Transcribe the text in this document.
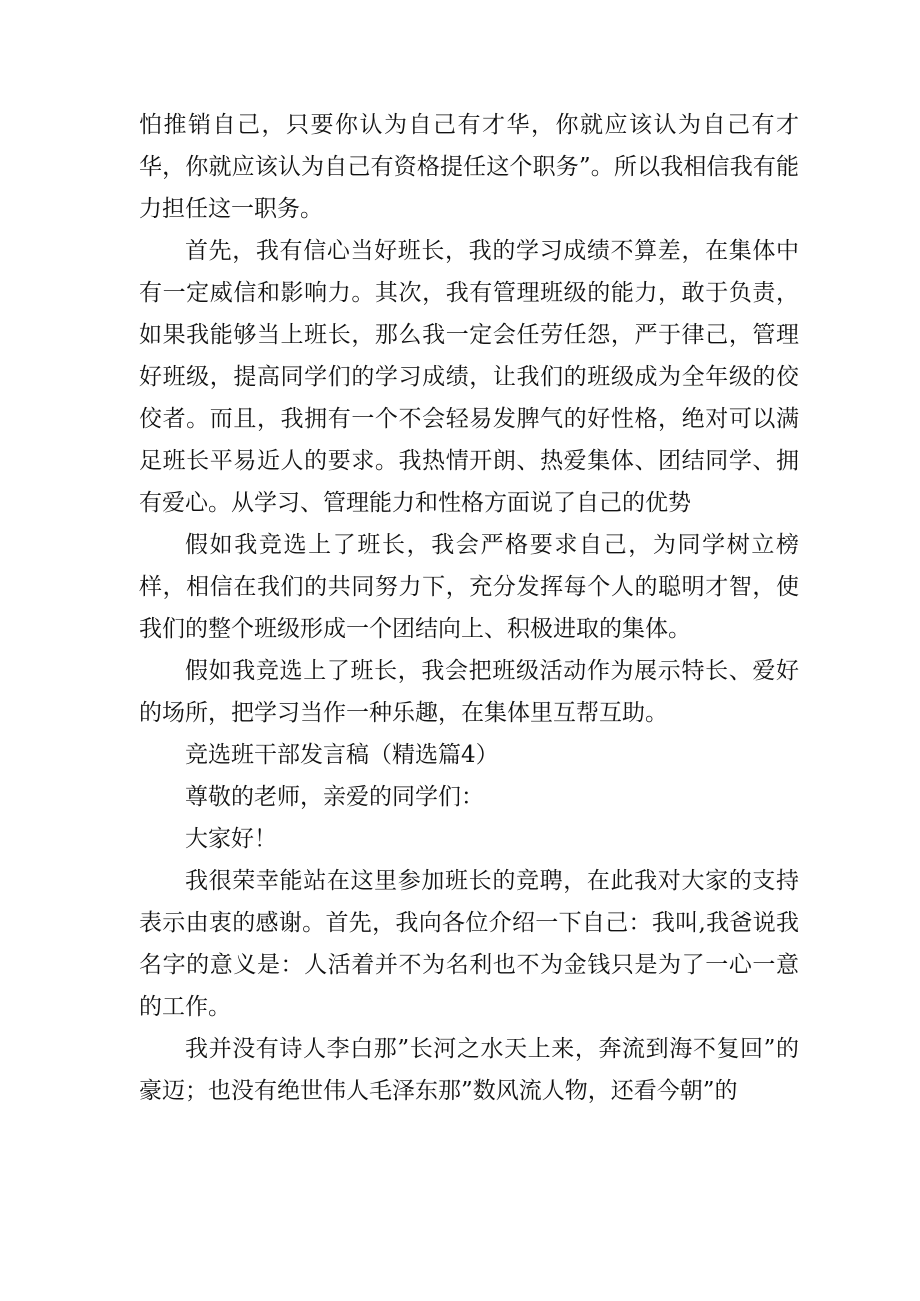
怕推销自己，只要你认为自己有才华，你就应该认为自己有才华，你就应该认为自己有资格提任这个职务”。所以我相信我有能力担任这一职务。

首先，我有信心当好班长，我的学习成绩不算差，在集体中有一定威信和影响力。其次，我有管理班级的能力，敢于负责，如果我能够当上班长，那么我一定会任劳任怨，严于律己，管理好班级，提高同学们的学习成绩，让我们的班级成为全年级的佼佼者。而且，我拥有一个不会轻易发脾气的好性格，绝对可以满足班长平易近人的要求。我热情开朗、热爱集体、团结同学、拥有爱心。从学习、管理能力和性格方面说了自己的优势

假如我竞选上了班长，我会严格要求自己，为同学树立榜样，相信在我们的共同努力下，充分发挥每个人的聪明才智，使我们的整个班级形成一个团结向上、积极进取的集体。

假如我竞选上了班长，我会把班级活动作为展示特长、爱好的场所，把学习当作一种乐趣，在集体里互帮互助。

竞选班干部发言稿（精选篇4）

尊敬的老师，亲爱的同学们：

大家好！

我很荣幸能站在这里参加班长的竞聘，在此我对大家的支持表示由衷的感谢。首先，我向各位介绍一下自己：我叫,我爸说我名字的意义是：人活着并不为名利也不为金钱只是为了一心一意的工作。

我并没有诗人李白那”长河之水天上来，奔流到海不复回”的豪迈；也没有绝世伟人毛泽东那”数风流人物，还看今朝”的
